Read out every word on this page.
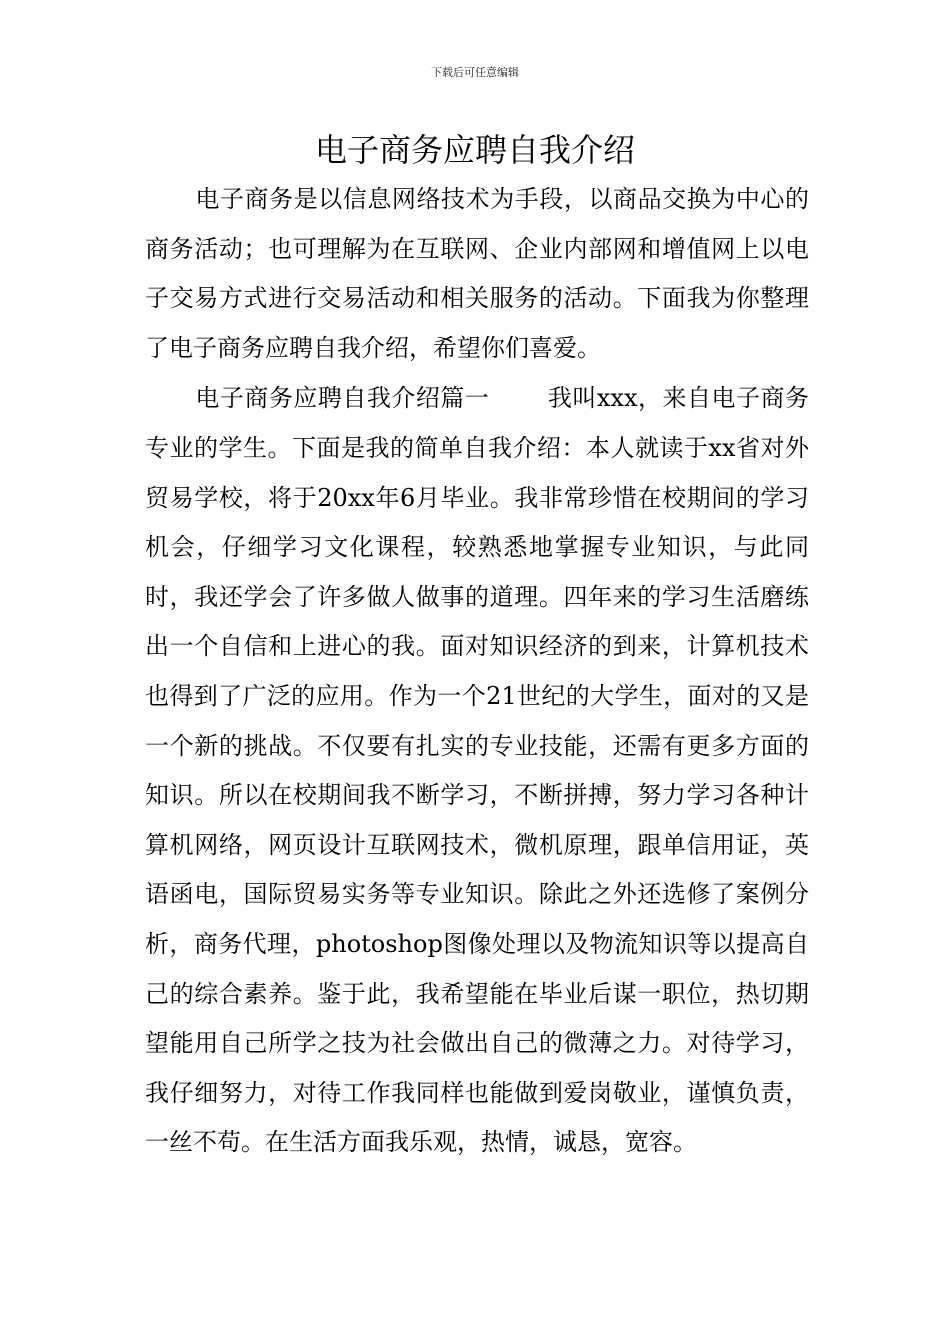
下载后可任意编辑
电子商务应聘自我介绍

电子商务是以信息网络技术为手段，以商品交换为中心的商务活动；也可理解为在互联网、企业内部网和增值网上以电子交易方式进行交易活动和相关服务的活动。下面我为你整理了电子商务应聘自我介绍，希望你们喜爱。

电子商务应聘自我介绍篇一 我叫xxx，来自电子商务专业的学生。下面是我的简单自我介绍：本人就读于xx省对外贸易学校，将于20xx年6月毕业。我非常珍惜在校期间的学习机会，仔细学习文化课程，较熟悉地掌握专业知识，与此同时，我还学会了许多做人做事的道理。四年来的学习生活磨练出一个自信和上进心的我。面对知识经济的到来，计算机技术也得到了广泛的应用。作为一个21世纪的大学生，面对的又是一个新的挑战。不仅要有扎实的专业技能，还需有更多方面的知识。所以在校期间我不断学习，不断拼搏，努力学习各种计算机网络，网页设计互联网技术，微机原理，跟单信用证，英语函电，国际贸易实务等专业知识。除此之外还选修了案例分析，商务代理，photoshop图像处理以及物流知识等以提高自己的综合素养。鉴于此，我希望能在毕业后谋一职位，热切期望能用自己所学之技为社会做出自己的微薄之力。对待学习，我仔细努力，对待工作我同样也能做到爱岗敬业，谨慎负责，一丝不苟。在生活方面我乐观，热情，诚恳，宽容。
